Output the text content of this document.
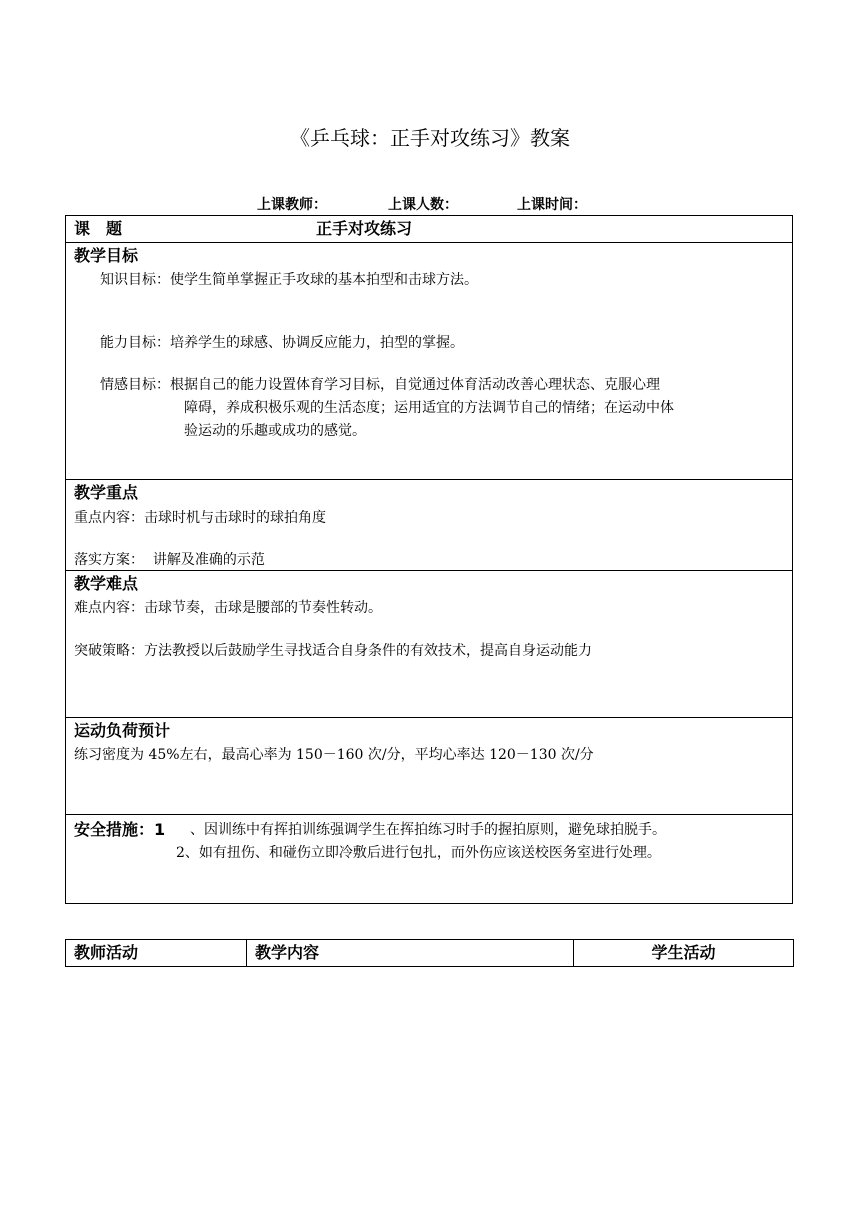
《乒乓球：正手对攻练习》教案
上课教师：	上课人数：	上课时间：
课　题	正手对攻练习
教学目标
知识目标：使学生简单掌握正手攻球的基本拍型和击球方法。
能力目标：培养学生的球感、协调反应能力，拍型的掌握。
情感目标：根据自己的能力设置体育学习目标，自觉通过体育活动改善心理状态、克服心理
障碍，养成积极乐观的生活态度；运用适宜的方法调节自己的情绪；在运动中体
验运动的乐趣或成功的感觉。
教学重点
重点内容：击球时机与击球时的球拍角度
落实方案：  讲解及准确的示范
教学难点
难点内容：击球节奏，击球是腰部的节奏性转动。
突破策略：方法教授以后鼓励学生寻找适合自身条件的有效技术，提高自身运动能力
运动负荷预计
练习密度为 45%左右，最高心率为 150－160 次/分，平均心率达 120－130 次/分
安全措施：1 、因训练中有挥拍训练强调学生在挥拍练习时手的握拍原则，避免球拍脱手。
2、如有扭伤、和碰伤立即冷敷后进行包扎，而外伤应该送校医务室进行处理。
教师活动	教学内容	学生活动
